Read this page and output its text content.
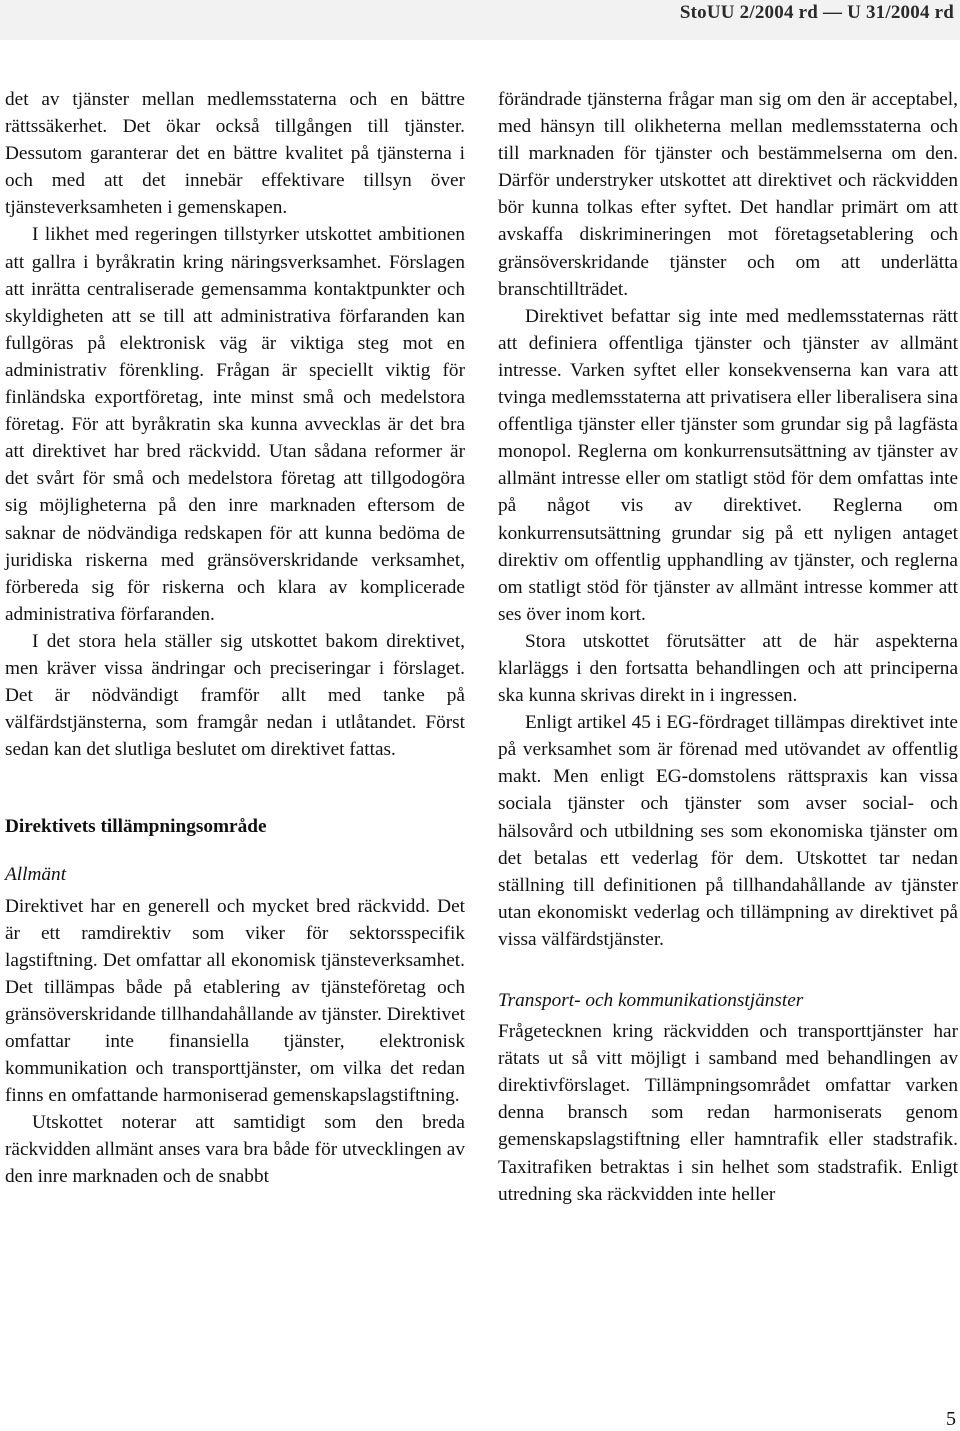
StoUU 2/2004 rd — U 31/2004 rd

det av tjänster mellan medlemsstaterna och en bättre rättssäkerhet. Det ökar också tillgången till tjänster. Dessutom garanterar det en bättre kvalitet på tjänsterna i och med att det innebär effektivare tillsyn över tjänsteverksamheten i gemenskapen.

I likhet med regeringen tillstyrker utskottet ambitionen att gallra i byråkratin kring näringsverksamhet. Förslagen att inrätta centraliserade gemensamma kontaktpunkter och skyldigheten att se till att administrativa förfaranden kan fullgöras på elektronisk väg är viktiga steg mot en administrativ förenkling. Frågan är speciellt viktig för finländska exportföretag, inte minst små och medelstora företag. För att byråkratin ska kunna avvecklas är det bra att direktivet har bred räckvidd. Utan sådana reformer är det svårt för små och medelstora företag att tillgodogöra sig möjligheterna på den inre marknaden eftersom de saknar de nödvändiga redskapen för att kunna bedöma de juridiska riskerna med gränsöverskridande verksamhet, förbereda sig för riskerna och klara av komplicerade administrativa förfaranden.

I det stora hela ställer sig utskottet bakom direktivet, men kräver vissa ändringar och preciseringar i förslaget. Det är nödvändigt framför allt med tanke på välfärdstjänsterna, som framgår nedan i utlåtandet. Först sedan kan det slutliga beslutet om direktivet fattas.

Direktivets tillämpningsområde
Allmänt

Direktivet har en generell och mycket bred räckvidd. Det är ett ramdirektiv som viker för sektorsspecifik lagstiftning. Det omfattar all ekonomisk tjänsteverksamhet. Det tillämpas både på etablering av tjänsteföretag och gränsöverskridande tillhandahållande av tjänster. Direktivet omfattar inte finansiella tjänster, elektronisk kommunikation och transporttjänster, om vilka det redan finns en omfattande harmoniserad gemenskapslagstiftning.

Utskottet noterar att samtidigt som den breda räckvidden allmänt anses vara bra både för utvecklingen av den inre marknaden och de snabbt

förändrade tjänsterna frågar man sig om den är acceptabel, med hänsyn till olikheterna mellan medlemsstaterna och till marknaden för tjänster och bestämmelserna om den. Därför understryker utskottet att direktivet och räckvidden bör kunna tolkas efter syftet. Det handlar primärt om att avskaffa diskrimineringen mot företagsetablering och gränsöverskridande tjänster och om att underlätta branschtillträdet.

Direktivet befattar sig inte med medlemsstaternas rätt att definiera offentliga tjänster och tjänster av allmänt intresse. Varken syftet eller konsekvenserna kan vara att tvinga medlemsstaterna att privatisera eller liberalisera sina offentliga tjänster eller tjänster som grundar sig på lagfästa monopol. Reglerna om konkurrensutsättning av tjänster av allmänt intresse eller om statligt stöd för dem omfattas inte på något vis av direktivet. Reglerna om konkurrensutsättning grundar sig på ett nyligen antaget direktiv om offentlig upphandling av tjänster, och reglerna om statligt stöd för tjänster av allmänt intresse kommer att ses över inom kort.

Stora utskottet förutsätter att de här aspekterna klarläggs i den fortsatta behandlingen och att principerna ska kunna skrivas direkt in i ingressen.

Enligt artikel 45 i EG-fördraget tillämpas direktivet inte på verksamhet som är förenad med utövandet av offentlig makt. Men enligt EG-domstolens rättspraxis kan vissa sociala tjänster och tjänster som avser social- och hälsovård och utbildning ses som ekonomiska tjänster om det betalas ett vederlag för dem. Utskottet tar nedan ställning till definitionen på tillhandahållande av tjänster utan ekonomiskt vederlag och tillämpning av direktivet på vissa välfärdstjänster.

Transport- och kommunikationstjänster

Frågetecknen kring räckvidden och transporttjänster har rätats ut så vitt möjligt i samband med behandlingen av direktivförslaget. Tillämpningsområdet omfattar varken denna bransch som redan harmoniserats genom gemenskapslagstiftning eller hamntrafik eller stadstrafik. Taxitrafiken betraktas i sin helhet som stadstrafik. Enligt utredning ska räckvidden inte heller

5
